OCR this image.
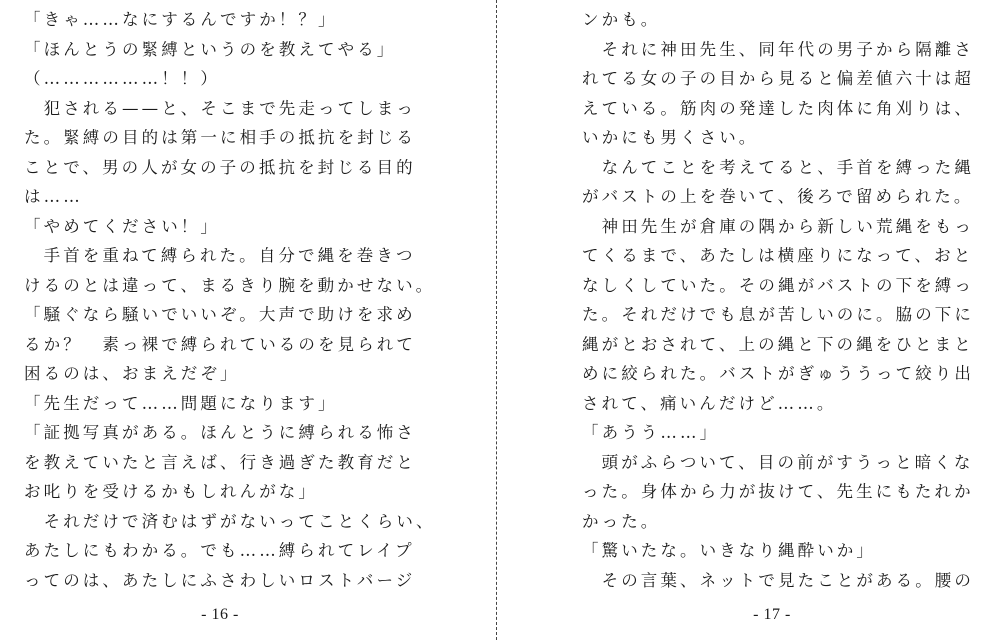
「きゃ……なにするんですか！？」
「ほんとうの緊縛というのを教えてやる」
（………………！！）
　犯される——と、そこまで先走ってしまっ
た。緊縛の目的は第一に相手の抵抗を封じる
ことで、男の人が女の子の抵抗を封じる目的
は……
「やめてください！」
　手首を重ねて縛られた。自分で縄を巻きつ
けるのとは違って、まるきり腕を動かせない。
「騒ぐなら騒いでいいぞ。大声で助けを求め
るか？　素っ裸で縛られているのを見られて
困るのは、おまえだぞ」
「先生だって……問題になります」
「証拠写真がある。ほんとうに縛られる怖さ
を教えていたと言えば、行き過ぎた教育だと
お叱りを受けるかもしれんがな」
　それだけで済むはずがないってことくらい、
あたしにもわかる。でも……縛られてレイプ
ってのは、あたしにふさわしいロストバージ
- 16 -
ンかも。
　それに神田先生、同年代の男子から隔離さ
れてる女の子の目から見ると偏差値六十は超
えている。筋肉の発達した肉体に角刈りは、
いかにも男くさい。
　なんてことを考えてると、手首を縛った縄
がバストの上を巻いて、後ろで留められた。
　神田先生が倉庫の隅から新しい荒縄をもっ
てくるまで、あたしは横座りになって、おと
なしくしていた。その縄がバストの下を縛っ
た。それだけでも息が苦しいのに。脇の下に
縄がとおされて、上の縄と下の縄をひとまと
めに絞られた。バストがぎゅううって絞り出
されて、痛いんだけど……。
「あうう……」
　頭がふらついて、目の前がすうっと暗くな
った。身体から力が抜けて、先生にもたれか
かった。
「驚いたな。いきなり縄酔いか」
　その言葉、ネットで見たことがある。腰の
- 17 -
